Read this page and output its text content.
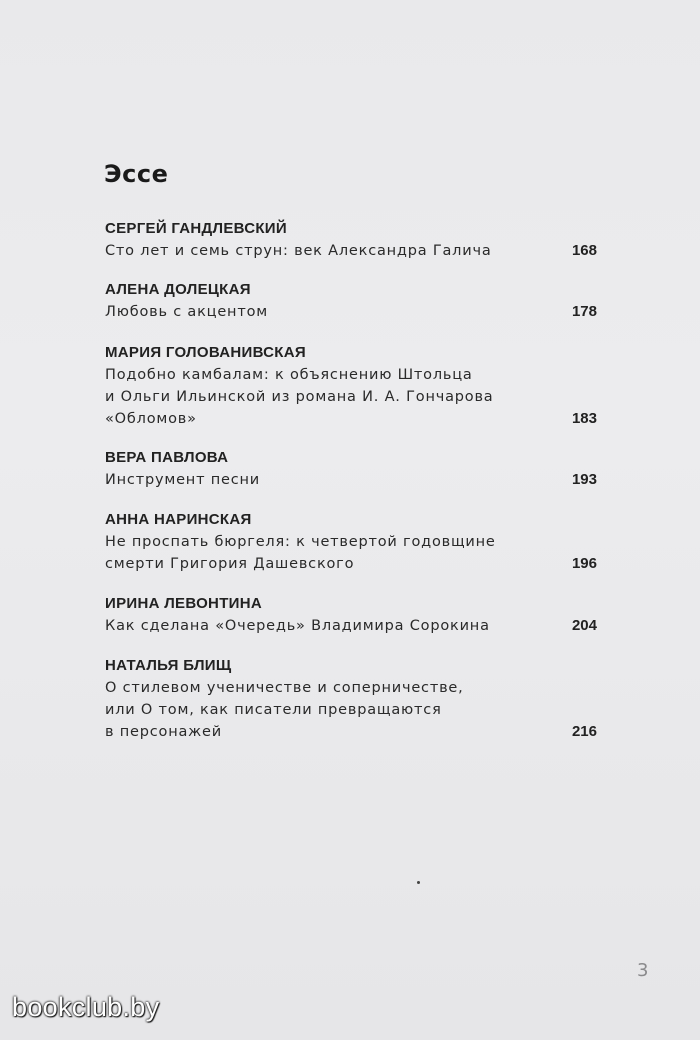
Эссе
СЕРГЕЙ ГАНДЛЕВСКИЙ
Сто лет и семь струн: век Александра Галича	168
АЛЕНА ДОЛЕЦКАЯ
Любовь с акцентом	178
МАРИЯ ГОЛОВАНИВСКАЯ
Подобно камбалам: к объяснению Штольца
и Ольги Ильинской из романа И. А. Гончарова
«Обломов»	183
ВЕРА ПАВЛОВА
Инструмент песни	193
АННА НАРИНСКАЯ
Не проспать бюргеля: к четвертой годовщине
смерти Григория Дашевского	196
ИРИНА ЛЕВОНТИНА
Как сделана «Очередь» Владимира Сорокина	204
НАТАЛЬЯ БЛИЩ
О стилевом ученичестве и соперничестве,
или О том, как писатели превращаются
в персонажей	216
3
bookclub.by
